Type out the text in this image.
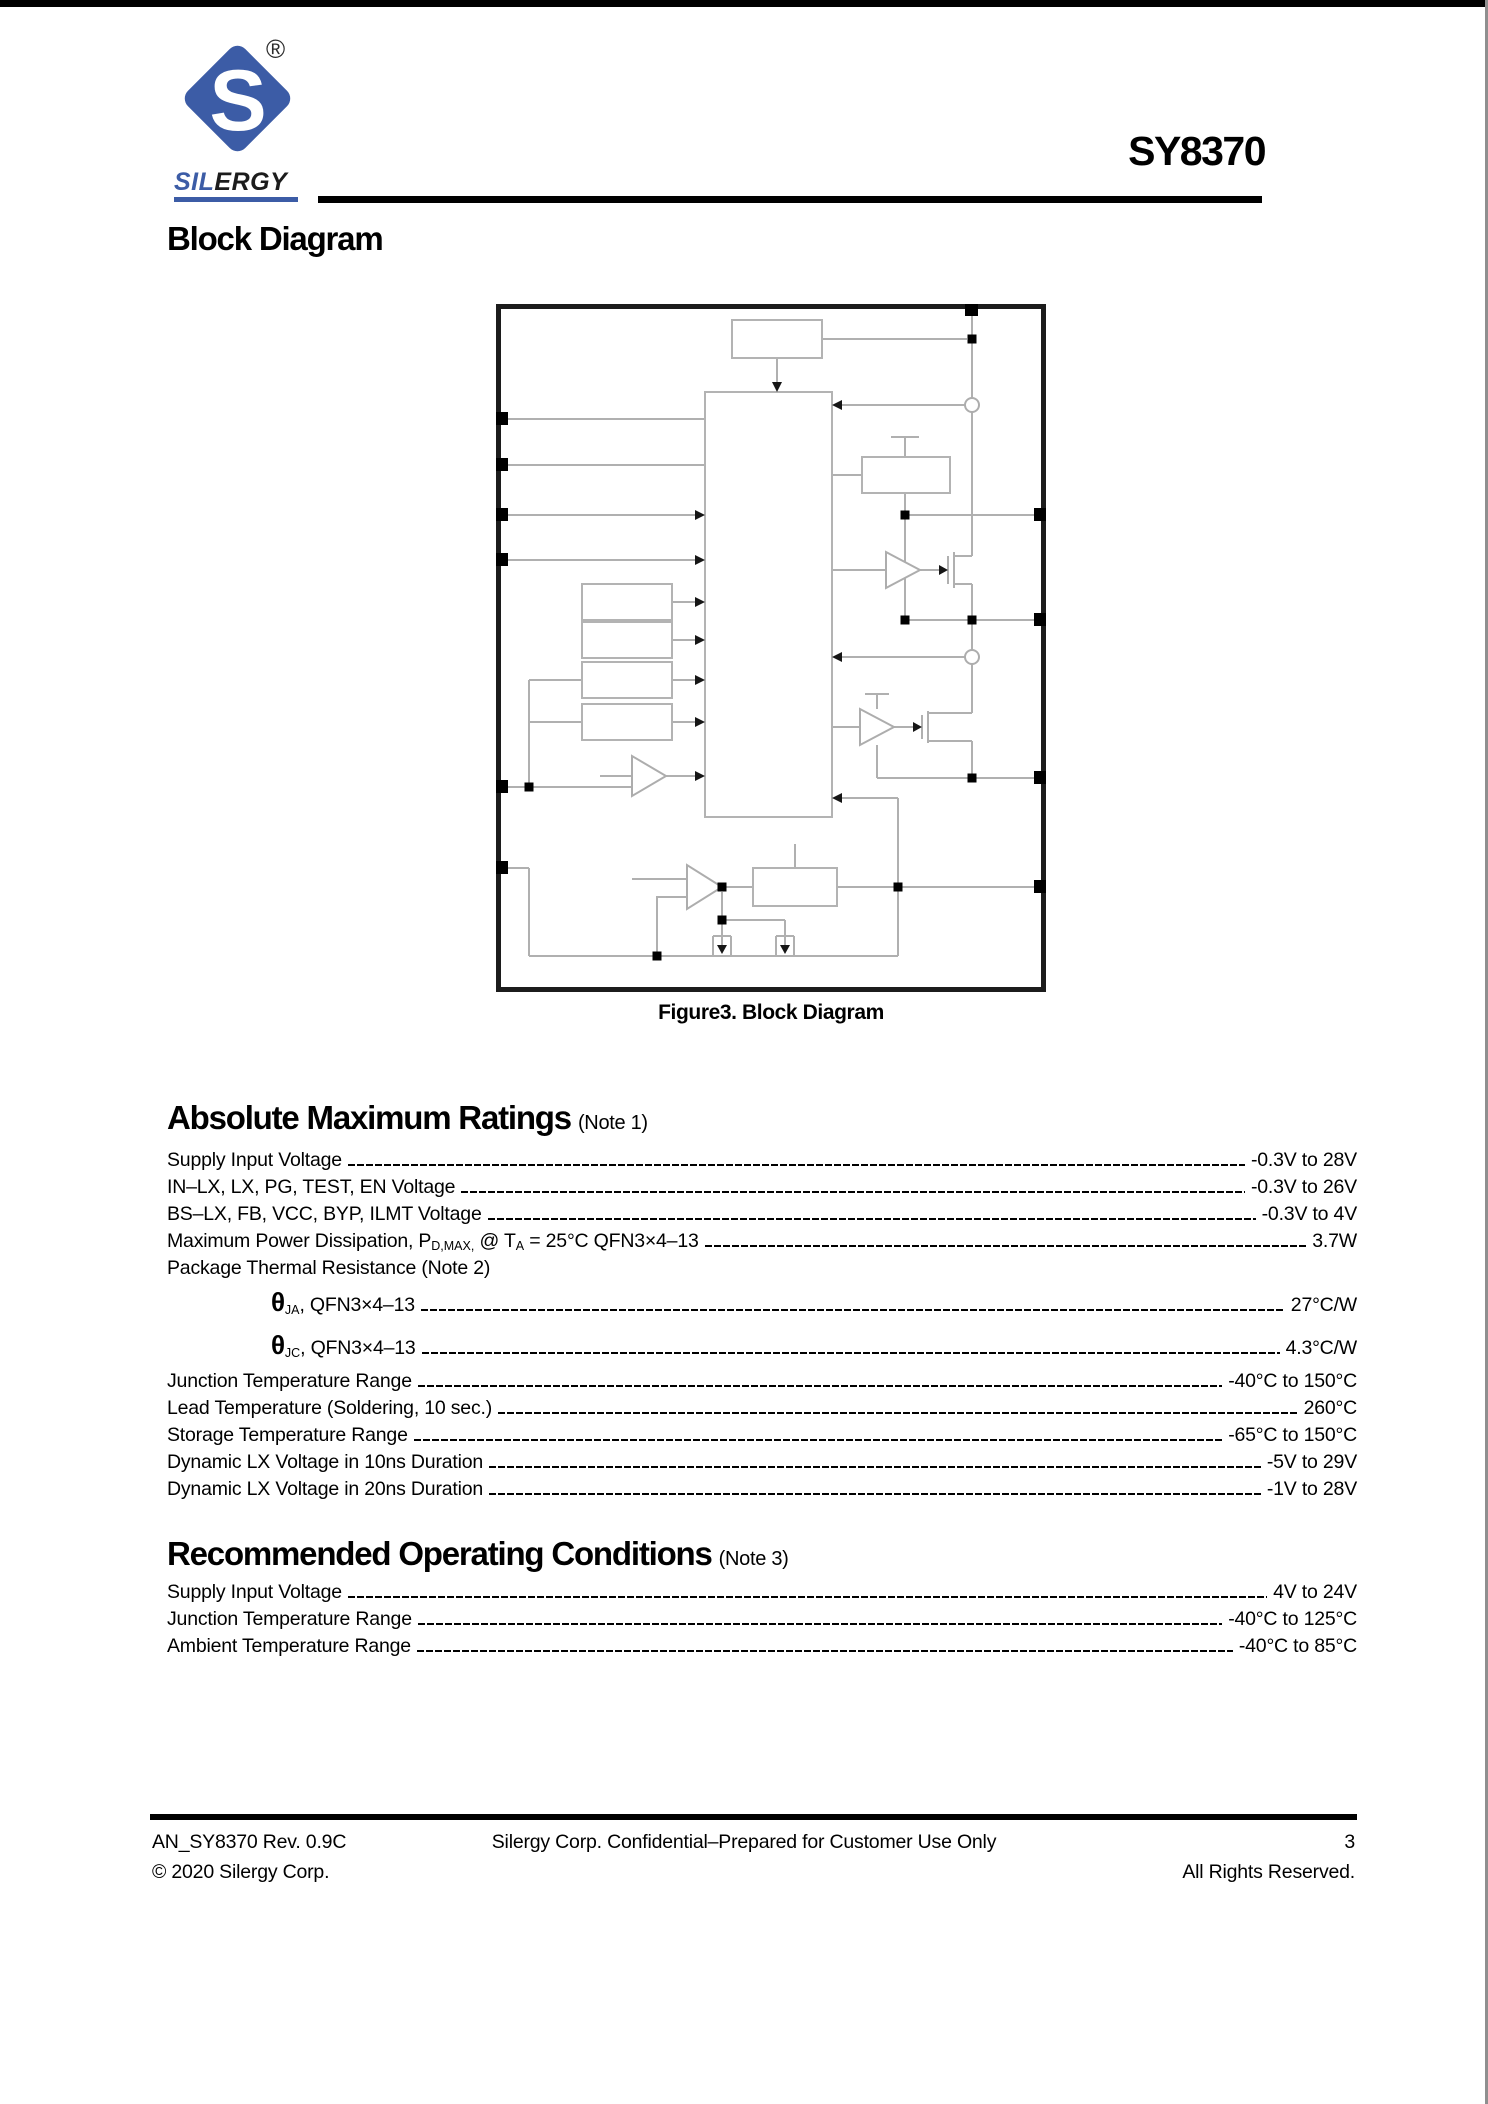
S
®
SILERGY
SY8370
Block Diagram
Figure3. Block Diagram
Absolute Maximum Ratings (Note 1)
Supply Input Voltage	-0.3V to 28V
IN–LX, LX, PG, TEST, EN Voltage	-0.3V to 26V
BS–LX, FB, VCC, BYP, ILMT Voltage	-0.3V to 4V
Maximum Power Dissipation, PD,MAX, @ TA = 25°C QFN3×4–13	3.7W
Package Thermal Resistance (Note 2)
θJA, QFN3×4–13	27°C/W
θJC, QFN3×4–13	4.3°C/W
Junction Temperature Range	-40°C to 150°C
Lead Temperature (Soldering, 10 sec.)	260°C
Storage Temperature Range	-65°C to 150°C
Dynamic LX Voltage in 10ns Duration	-5V to 29V
Dynamic LX Voltage in 20ns Duration	-1V to 28V
Recommended Operating Conditions (Note 3)
Supply Input Voltage	4V to 24V
Junction Temperature Range	-40°C to 125°C
Ambient Temperature Range	-40°C to 85°C
AN_SY8370 Rev. 0.9C	Silergy Corp. Confidential–Prepared for Customer Use Only	3
© 2020 Silergy Corp.	All Rights Reserved.
